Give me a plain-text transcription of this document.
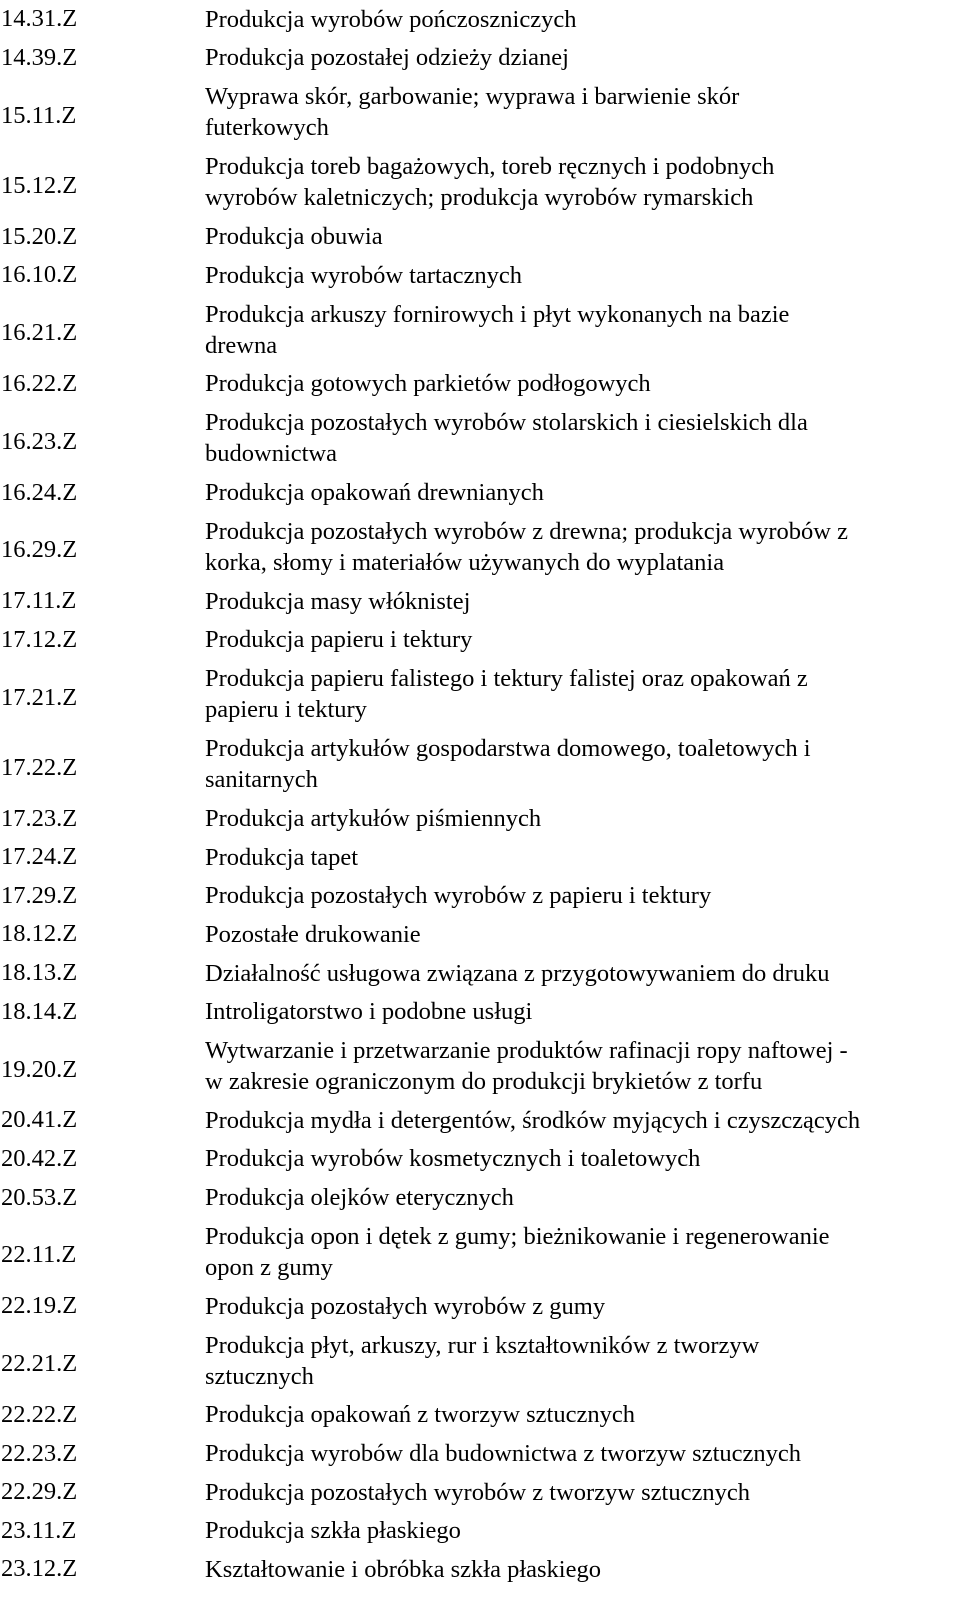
14.31.Z	Produkcja wyrobów pończoszniczych
14.39.Z	Produkcja pozostałej odzieży dzianej
15.11.Z
Wyprawa skór, garbowanie; wyprawa i barwienie skór
futerkowych
15.12.Z
Produkcja toreb bagażowych, toreb ręcznych i podobnych
wyrobów kaletniczych; produkcja wyrobów rymarskich
15.20.Z	Produkcja obuwia
16.10.Z	Produkcja wyrobów tartacznych
16.21.Z
Produkcja arkuszy fornirowych i płyt wykonanych na bazie
drewna
16.22.Z	Produkcja gotowych parkietów podłogowych
16.23.Z
Produkcja pozostałych wyrobów stolarskich i ciesielskich dla
budownictwa
16.24.Z	Produkcja opakowań drewnianych
16.29.Z
Produkcja pozostałych wyrobów z drewna; produkcja wyrobów z
korka, słomy i materiałów używanych do wyplatania
17.11.Z	Produkcja masy włóknistej
17.12.Z	Produkcja papieru i tektury
17.21.Z
Produkcja papieru falistego i tektury falistej oraz opakowań z
papieru i tektury
17.22.Z
Produkcja artykułów gospodarstwa domowego, toaletowych i
sanitarnych
17.23.Z	Produkcja artykułów piśmiennych
17.24.Z	Produkcja tapet
17.29.Z	Produkcja pozostałych wyrobów z papieru i tektury
18.12.Z	Pozostałe drukowanie
18.13.Z	Działalność usługowa związana z przygotowywaniem do druku
18.14.Z	Introligatorstwo i podobne usługi
19.20.Z
Wytwarzanie i przetwarzanie produktów rafinacji ropy naftowej -
w zakresie ograniczonym do produkcji brykietów z torfu
20.41.Z	Produkcja mydła i detergentów, środków myjących i czyszczących
20.42.Z	Produkcja wyrobów kosmetycznych i toaletowych
20.53.Z	Produkcja olejków eterycznych
22.11.Z
Produkcja opon i dętek z gumy; bieżnikowanie i regenerowanie
opon z gumy
22.19.Z	Produkcja pozostałych wyrobów z gumy
22.21.Z
Produkcja płyt, arkuszy, rur i kształtowników z tworzyw
sztucznych
22.22.Z	Produkcja opakowań z tworzyw sztucznych
22.23.Z	Produkcja wyrobów dla budownictwa z tworzyw sztucznych
22.29.Z	Produkcja pozostałych wyrobów z tworzyw sztucznych
23.11.Z	Produkcja szkła płaskiego
23.12.Z	Kształtowanie i obróbka szkła płaskiego
